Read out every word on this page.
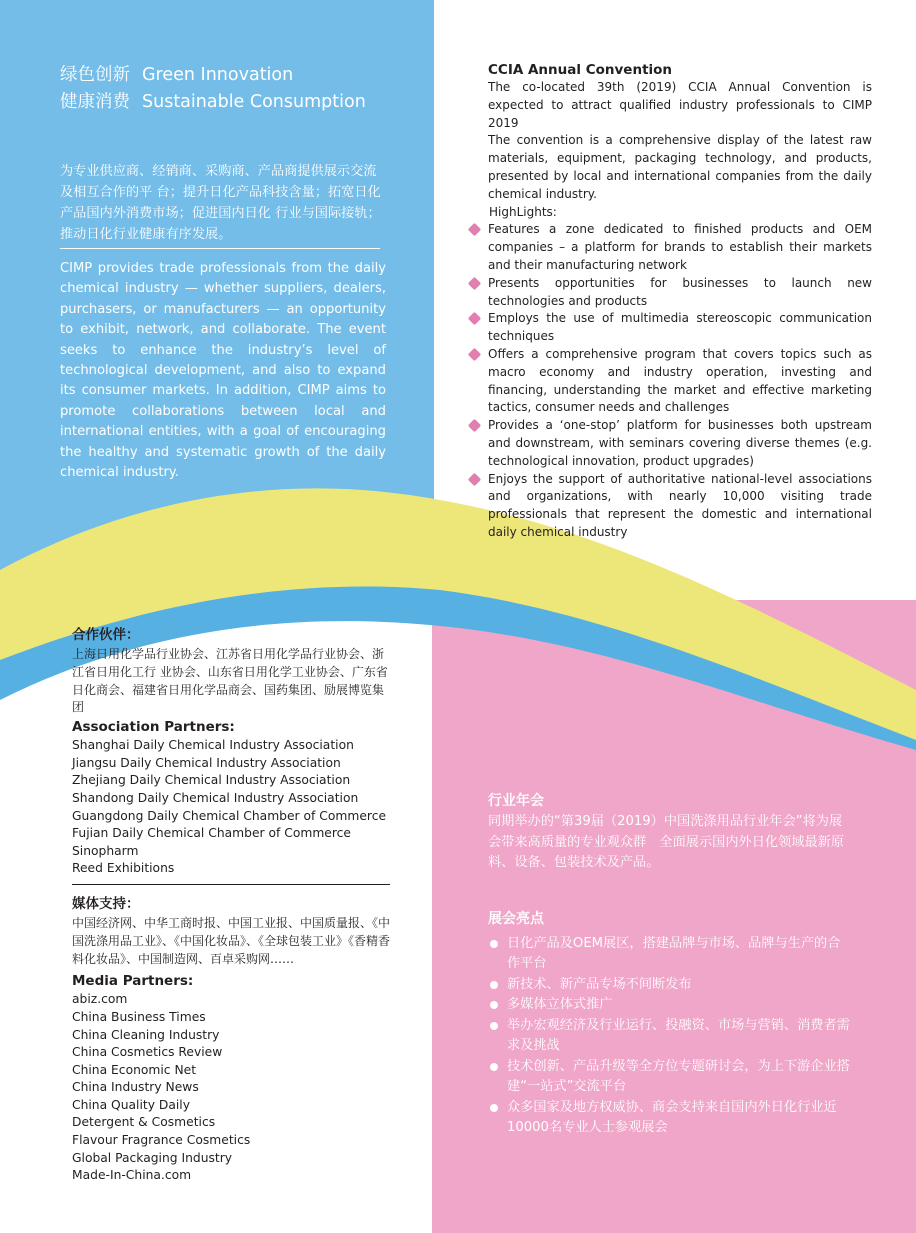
绿色创新 Green Innovation
健康消费 Sustainable Consumption
为专业供应商、经销商、采购商、产品商提供展示交流及相互合作的平 台；提升日化产品科技含量；拓宽日化产品国内外消费市场；促进国内日化 行业与国际接轨；推动日化行业健康有序发展。
CIMP provides trade professionals from the daily chemical industry — whether suppliers, dealers, purchasers, or manufacturers — an opportunity to exhibit, network, and collaborate. The event seeks to enhance the industry’s level of technological development, and also to expand its consumer markets. In addition, CIMP aims to promote collaborations between local and international entities, with a goal of encouraging the healthy and systematic growth of the daily chemical industry.
CCIA Annual Convention

The co-located 39th (2019) CCIA Annual Convention is expected to attract qualified industry professionals to CIMP 2019

The convention is a comprehensive display of the latest raw materials, equipment, packaging technology, and products, presented by local and international companies from the daily chemical industry.

HighLights:
Features a zone dedicated to finished products and OEM companies – a platform for brands to establish their markets and their manufacturing network
Presents opportunities for businesses to launch new technologies and products
Employs the use of multimedia stereoscopic communication techniques
Offers a comprehensive program that covers topics such as macro economy and industry operation, investing and financing, understanding the market and effective marketing tactics, consumer needs and challenges
Provides a ‘one-stop’ platform for businesses both upstream and downstream, with seminars covering diverse themes (e.g. technological innovation, product upgrades)
Enjoys the support of authoritative national-level associations and organizations, with nearly 10,000 visiting trade professionals that represent the domestic and international daily chemical industry
合作伙伴：
上海日用化学品行业协会、江苏省日用化学品行业协会、浙江省日用化工行 业协会、山东省日用化学工业协会、广东省日化商会、福建省日用化学品商会、国药集团、励展博览集团
Association Partners:
Shanghai Daily Chemical Industry Association
Jiangsu Daily Chemical Industry Association
Zhejiang Daily Chemical Industry Association
Shandong Daily Chemical Industry Association
Guangdong Daily Chemical Chamber of Commerce
Fujian Daily Chemical Chamber of Commerce
Sinopharm
Reed Exhibitions
媒体支持：
中国经济网、中华工商时报、中国工业报、中国质量报、《中国洗涤用品工业》、《中国化妆品》、《全球包装工业》《香精香料化妆品》、中国制造网、百卓采购网……
Media Partners:
abiz.com
China Business Times
China Cleaning Industry
China Cosmetics Review
China Economic Net
China Industry News
China Quality Daily
Detergent & Cosmetics
Flavour Fragrance Cosmetics
Global Packaging Industry
Made-In-China.com
行业年会

同期举办的“第39届（2019）中国洗涤用品行业年会”将为展会带来高质量的专业观众群　全面展示国内外日化领域最新原料、设备、包装技术及产品。

展会亮点
日化产品及OEM展区，搭建品牌与市场、品牌与生产的合作平台
新技术、新产品专场不间断发布
多媒体立体式推广
举办宏观经济及行业运行、投融资、市场与营销、消费者需求及挑战
技术创新、产品升级等全方位专题研讨会，为上下游企业搭建“一站式”交流平台
众多国家及地方权威协、商会支持来自国内外日化行业近10000名专业人士参观展会
